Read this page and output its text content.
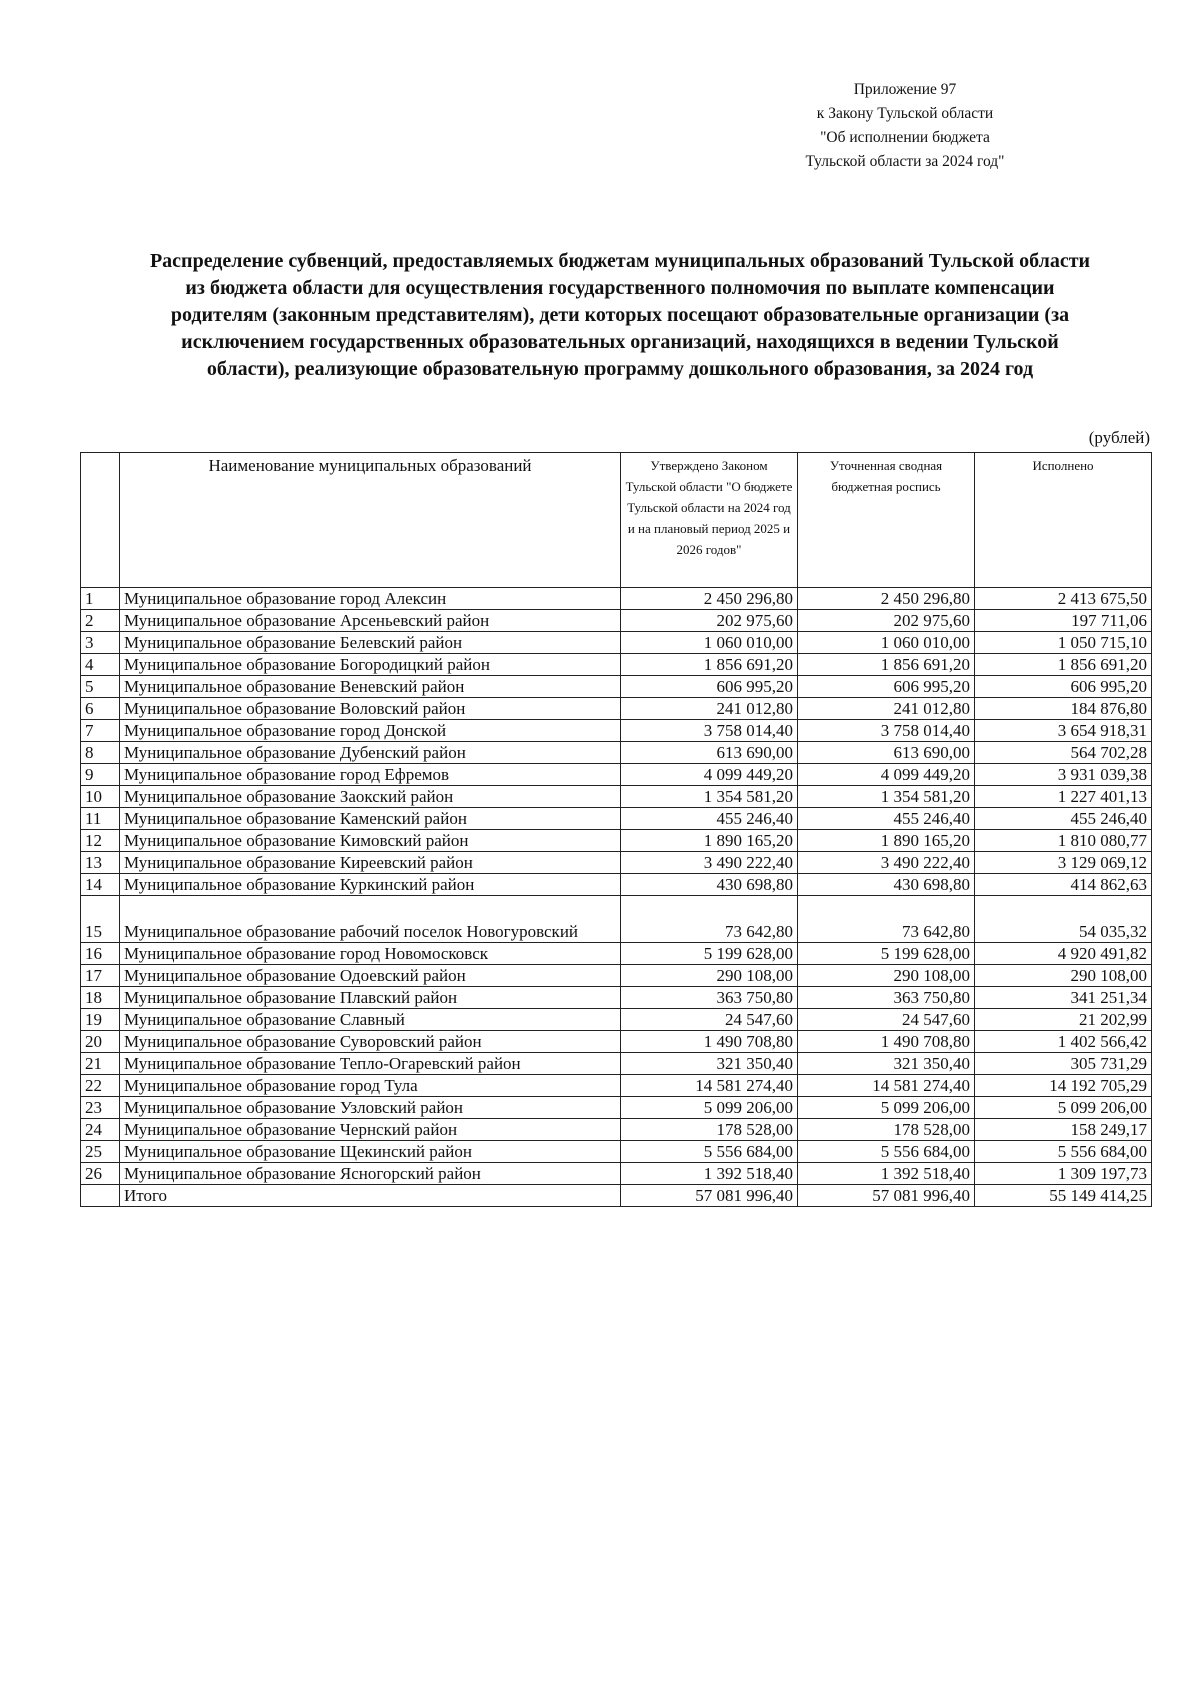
Приложение 97
к Закону Тульской области
"Об исполнении бюджета
Тульской области за 2024 год"
Распределение субвенций, предоставляемых бюджетам муниципальных образований Тульской области
из бюджета области для осуществления государственного полномочия по выплате компенсации
родителям (законным представителям), дети которых посещают образовательные организации (за
исключением государственных образовательных организаций, находящихся в ведении Тульской
области), реализующие образовательную программу дошкольного образования, за 2024 год
(рублей)
	Наименование муниципальных образований	Утверждено Законом Тульской области "О бюджете Тульской области на 2024 год и на плановый период 2025 и 2026 годов"	Уточненная сводная бюджетная роспись	Исполнено
1	Муниципальное образование город Алексин	2 450 296,80	2 450 296,80	2 413 675,50
2	Муниципальное образование Арсеньевский район	202 975,60	202 975,60	197 711,06
3	Муниципальное образование Белевский район	1 060 010,00	1 060 010,00	1 050 715,10
4	Муниципальное образование Богородицкий район	1 856 691,20	1 856 691,20	1 856 691,20
5	Муниципальное образование Веневский район	606 995,20	606 995,20	606 995,20
6	Муниципальное образование Воловский район	241 012,80	241 012,80	184 876,80
7	Муниципальное образование город Донской	3 758 014,40	3 758 014,40	3 654 918,31
8	Муниципальное образование Дубенский район	613 690,00	613 690,00	564 702,28
9	Муниципальное образование город Ефремов	4 099 449,20	4 099 449,20	3 931 039,38
10	Муниципальное образование Заокский район	1 354 581,20	1 354 581,20	1 227 401,13
11	Муниципальное образование Каменский район	455 246,40	455 246,40	455 246,40
12	Муниципальное образование Кимовский район	1 890 165,20	1 890 165,20	1 810 080,77
13	Муниципальное образование Киреевский район	3 490 222,40	3 490 222,40	3 129 069,12
14	Муниципальное образование Куркинский район	430 698,80	430 698,80	414 862,63
15	Муниципальное образование рабочий поселок Новогуровский	73 642,80	73 642,80	54 035,32
16	Муниципальное образование город Новомосковск	5 199 628,00	5 199 628,00	4 920 491,82
17	Муниципальное образование Одоевский район	290 108,00	290 108,00	290 108,00
18	Муниципальное образование Плавский район	363 750,80	363 750,80	341 251,34
19	Муниципальное образование Славный	24 547,60	24 547,60	21 202,99
20	Муниципальное образование Суворовский район	1 490 708,80	1 490 708,80	1 402 566,42
21	Муниципальное образование Тепло-Огаревский район	321 350,40	321 350,40	305 731,29
22	Муниципальное образование город Тула	14 581 274,40	14 581 274,40	14 192 705,29
23	Муниципальное образование Узловский район	5 099 206,00	5 099 206,00	5 099 206,00
24	Муниципальное образование Чернский район	178 528,00	178 528,00	158 249,17
25	Муниципальное образование Щекинский район	5 556 684,00	5 556 684,00	5 556 684,00
26	Муниципальное образование Ясногорский район	1 392 518,40	1 392 518,40	1 309 197,73
	Итого	57 081 996,40	57 081 996,40	55 149 414,25
